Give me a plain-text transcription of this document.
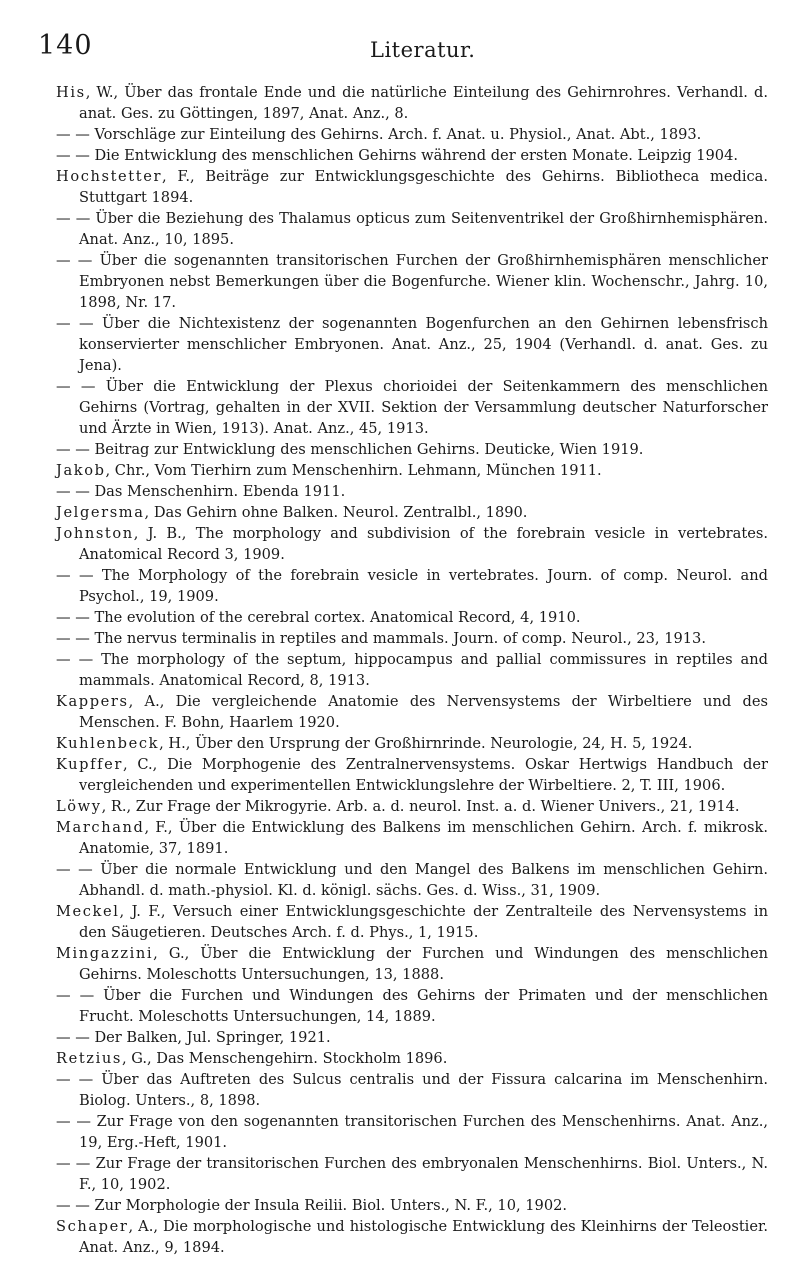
140	Literatur.

His, W., Über das frontale Ende und die natürliche Einteilung des Gehirnrohres. Verhandl. d. anat. Ges. zu Göttingen, 1897, Anat. Anz., 8.

— — Vorschläge zur Einteilung des Gehirns. Arch. f. Anat. u. Physiol., Anat. Abt., 1893.

— — Die Entwicklung des menschlichen Gehirns während der ersten Monate. Leipzig 1904.

Hochstetter, F., Beiträge zur Entwicklungsgeschichte des Gehirns. Bibliotheca medica. Stuttgart 1894.

— — Über die Beziehung des Thalamus opticus zum Seitenventrikel der Großhirnhemisphären. Anat. Anz., 10, 1895.

— — Über die sogenannten transitorischen Furchen der Großhirnhemisphären menschlicher Embryonen nebst Bemerkungen über die Bogenfurche. Wiener klin. Wochenschr., Jahrg. 10, 1898, Nr. 17.

— — Über die Nichtexistenz der sogenannten Bogenfurchen an den Gehirnen lebensfrisch konservierter menschlicher Embryonen. Anat. Anz., 25, 1904 (Verhandl. d. anat. Ges. zu Jena).

— — Über die Entwicklung der Plexus chorioidei der Seitenkammern des menschlichen Gehirns (Vortrag, gehalten in der XVII. Sektion der Versammlung deutscher Naturforscher und Ärzte in Wien, 1913). Anat. Anz., 45, 1913.

— — Beitrag zur Entwicklung des menschlichen Gehirns. Deuticke, Wien 1919.

Jakob, Chr., Vom Tierhirn zum Menschenhirn. Lehmann, München 1911.

— — Das Menschenhirn. Ebenda 1911.

Jelgersma, Das Gehirn ohne Balken. Neurol. Zentralbl., 1890.

Johnston, J. B., The morphology and subdivision of the forebrain vesicle in vertebrates. Anatomical Record 3, 1909.

— — The Morphology of the forebrain vesicle in vertebrates. Journ. of comp. Neurol. and Psychol., 19, 1909.

— — The evolution of the cerebral cortex. Anatomical Record, 4, 1910.

— — The nervus terminalis in reptiles and mammals. Journ. of comp. Neurol., 23, 1913.

— — The morphology of the septum, hippocampus and pallial commissures in reptiles and mammals. Anatomical Record, 8, 1913.

Kappers, A., Die vergleichende Anatomie des Nervensystems der Wirbeltiere und des Menschen. F. Bohn, Haarlem 1920.

Kuhlenbeck, H., Über den Ursprung der Großhirnrinde. Neurologie, 24, H. 5, 1924.

Kupffer, C., Die Morphogenie des Zentralnervensystems. Oskar Hertwigs Handbuch der vergleichenden und experimentellen Entwicklungslehre der Wirbeltiere. 2, T. III, 1906.

Löwy, R., Zur Frage der Mikrogyrie. Arb. a. d. neurol. Inst. a. d. Wiener Univers., 21, 1914.

Marchand, F., Über die Entwicklung des Balkens im menschlichen Gehirn. Arch. f. mikrosk. Anatomie, 37, 1891.

— — Über die normale Entwicklung und den Mangel des Balkens im menschlichen Gehirn. Abhandl. d. math.-physiol. Kl. d. königl. sächs. Ges. d. Wiss., 31, 1909.

Meckel, J. F., Versuch einer Entwicklungsgeschichte der Zentralteile des Nervensystems in den Säugetieren. Deutsches Arch. f. d. Phys., 1, 1915.

Mingazzini, G., Über die Entwicklung der Furchen und Windungen des menschlichen Gehirns. Moleschotts Untersuchungen, 13, 1888.

— — Über die Furchen und Windungen des Gehirns der Primaten und der menschlichen Frucht. Moleschotts Untersuchungen, 14, 1889.

— — Der Balken, Jul. Springer, 1921.

Retzius, G., Das Menschengehirn. Stockholm 1896.

— — Über das Auftreten des Sulcus centralis und der Fissura calcarina im Menschenhirn. Biolog. Unters., 8, 1898.

— — Zur Frage von den sogenannten transitorischen Furchen des Menschenhirns. Anat. Anz., 19, Erg.-Heft, 1901.

— — Zur Frage der transitorischen Furchen des embryonalen Menschenhirns. Biol. Unters., N. F., 10, 1902.

— — Zur Morphologie der Insula Reilii. Biol. Unters., N. F., 10, 1902.

Schaper, A., Die morphologische und histologische Entwicklung des Kleinhirns der Teleostier. Anat. Anz., 9, 1894.
